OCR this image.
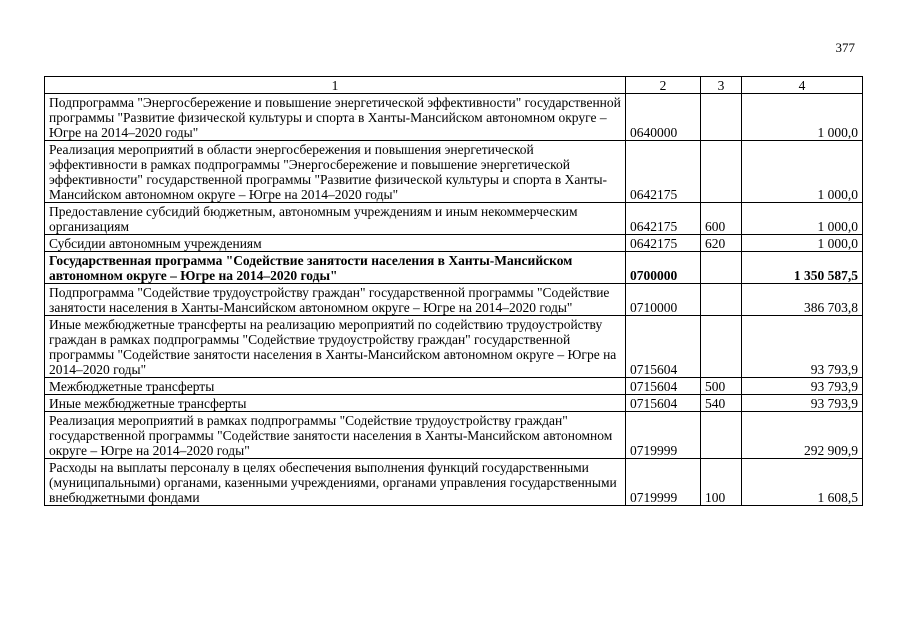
377
1	2	3	4
Подпрограмма "Энергосбережение и повышение энергетической эффективности" государственной программы "Развитие физической культуры и спорта в Ханты-Мансийском автономном округе – Югре на 2014–2020 годы"	0640000		1 000,0
Реализация мероприятий в области энергосбережения и повышения энергетической эффективности в рамках подпрограммы "Энергосбережение и повышение энергетической эффективности" государственной программы "Развитие физической культуры и спорта в Ханты-Мансийском автономном округе – Югре на 2014–2020 годы"	0642175		1 000,0
Предоставление субсидий бюджетным, автономным учреждениям и иным некоммерческим организациям	0642175	600	1 000,0
Субсидии автономным учреждениям	0642175	620	1 000,0
Государственная программа "Содействие занятости населения в Ханты-Мансийском автономном округе – Югре на 2014–2020 годы"	0700000		1 350 587,5
Подпрограмма "Содействие трудоустройству граждан" государственной программы "Содействие занятости населения в Ханты-Мансийском автономном округе – Югре на 2014–2020 годы"	0710000		386 703,8
Иные межбюджетные трансферты на реализацию мероприятий по содействию трудоустройству граждан в рамках подпрограммы "Содействие трудоустройству граждан" государственной программы "Содействие занятости населения в Ханты-Мансийском автономном округе – Югре на 2014–2020 годы"	0715604		93 793,9
Межбюджетные трансферты	0715604	500	93 793,9
Иные межбюджетные трансферты	0715604	540	93 793,9
Реализация мероприятий в рамках подпрограммы "Содействие трудоустройству граждан" государственной программы "Содействие занятости населения в Ханты-Мансийском автономном округе – Югре на 2014–2020 годы"	0719999		292 909,9
Расходы на выплаты персоналу в целях обеспечения выполнения функций государственными (муниципальными) органами, казенными учреждениями, органами управления государственными внебюджетными фондами	0719999	100	1 608,5
